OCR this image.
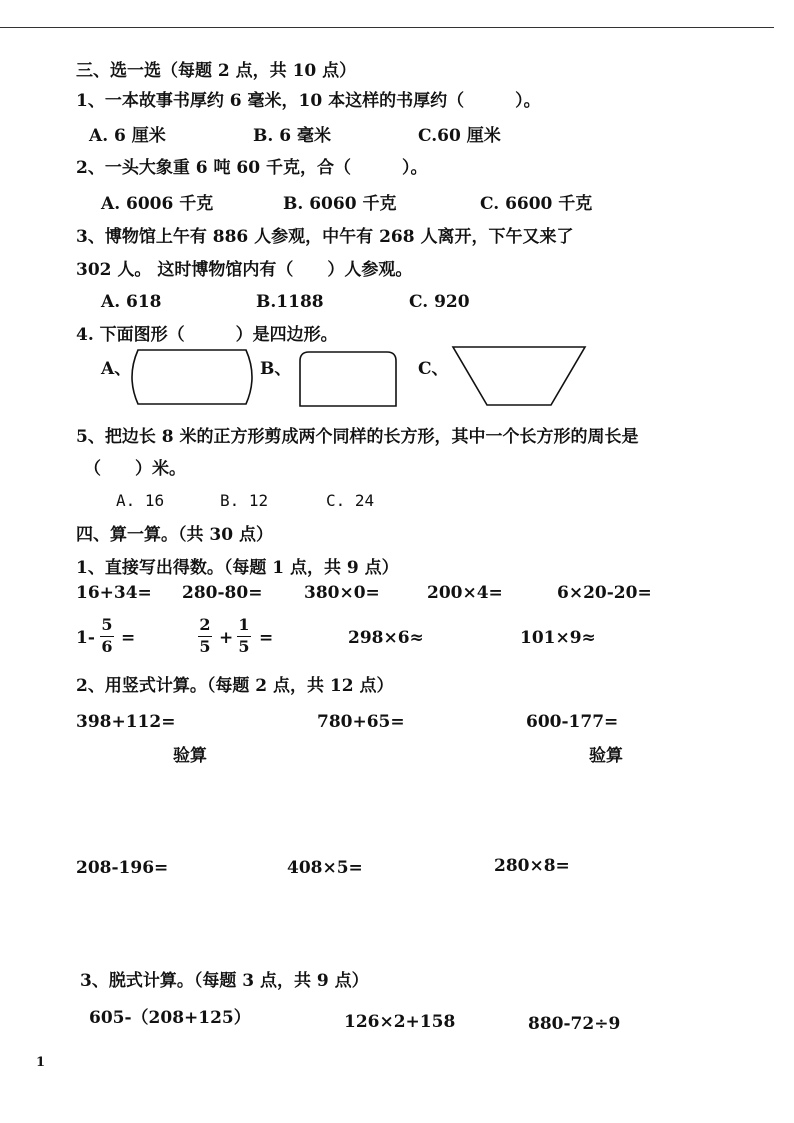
三、选一选（每题 2 点，共 10 点）
1、一本故事书厚约 6 毫米，10 本这样的书厚约（　　　）。
A. 6 厘米	B. 6 毫米	C.60 厘米
2、一头大象重 6 吨 60 千克，合（　　　）。
A. 6006 千克	B. 6060 千克	C. 6600 千克
3、博物馆上午有 886 人参观，中午有 268 人离开，下午又来了
302 人。 这时博物馆内有（　　）人参观。
A. 618	B.1188	C. 920
4. 下面图形（　　　）是四边形。
A、	B、	C、
5、把边长 8 米的正方形剪成两个同样的长方形，其中一个长方形的周长是
（　　）米。
A. 16	B. 12	C. 24
四、算一算。（共 30 点）
1、直接写出得数。（每题 1 点，共 9 点）
16+34= 280-80= 380×0=	200×4=	6×20-20=
1-
5
6 =
2
5 +
1
5 =	298×6≈	101×9≈
2、用竖式计算。（每题 2 点，共 12 点）
398+112=	780+65=	600-177=
验算	验算
208-196=	408×5=	280×8=
3、脱式计算。（每题 3 点，共 9 点）
605-（208+125）	126×2+158	880-72÷9
1
